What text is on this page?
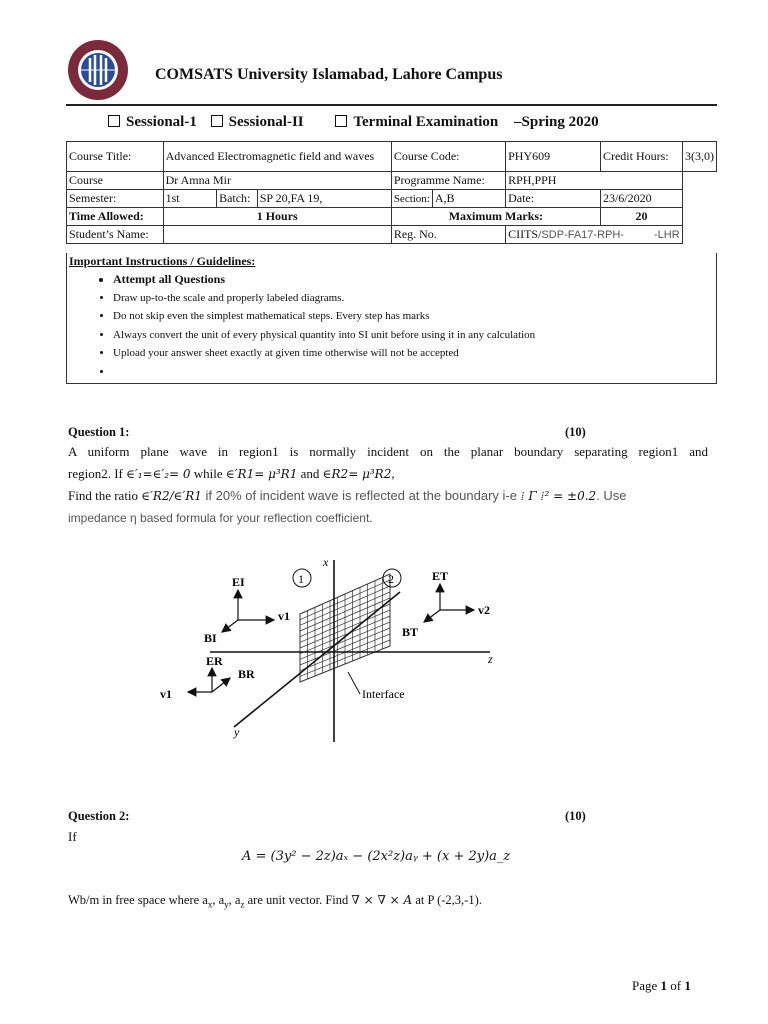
COMSATS University Islamabad, Lahore Campus
Sessional-1 Sessional-II	Terminal Examination –Spring 2020
Course Title:	Advanced Electromagnetic field and waves			Course Code:		PHY609	Credit Hours:	3(3,0)
Course	Dr Amna Mir			Programme Name:		RPH,PPH		
Semester:	1st	Batch:	SP 20,FA 19,	Section:	A,B	Date:	23/6/2020	
Time Allowed:	1 Hours			Maximum Marks:			20	
Student’s Name:				Reg. No.		CIITS/SDP-FA17-RPH- -LHR		
Important Instructions / Guidelines:
• Attempt all Questions
• Draw up-to-the scale and properly labeled diagrams.
• Do not skip even the simplest mathematical steps. Every step has marks
• Always convert the unit of every physical quantity into SI unit before using it in any calculation
• Upload your answer sheet exactly at given time otherwise will not be accepted
•
Question 1:	(10)
A uniform plane wave in region1 is normally incident on the planar boundary separating region1 and
region2. If ∈′₁=∈′₂= 0 while ∈′R1= μ³R1 and ∈R2= μ³R2,
Find the ratio ∈′R2/∈′R1 if 20% of incident wave is reflected at the boundary i-e ⁞ Γ ⁞² = ±0.2. Use
impedance η based formula for your reflection coefficient.
x
z
y
1	2
EI
v1
BI
ER
v1
BR
ET
v2
BT
Interface
Question 2:	(10)
If
A = (3y² − 2z)aₓ − (2x²z)aᵧ + (x + 2y)a_z
Wb/m in free space where $a_x$, $a_y$, $a_z$ are unit vector. Find ∇ × ∇ × A at P (-2,3,-1).
Page 1 of 1
